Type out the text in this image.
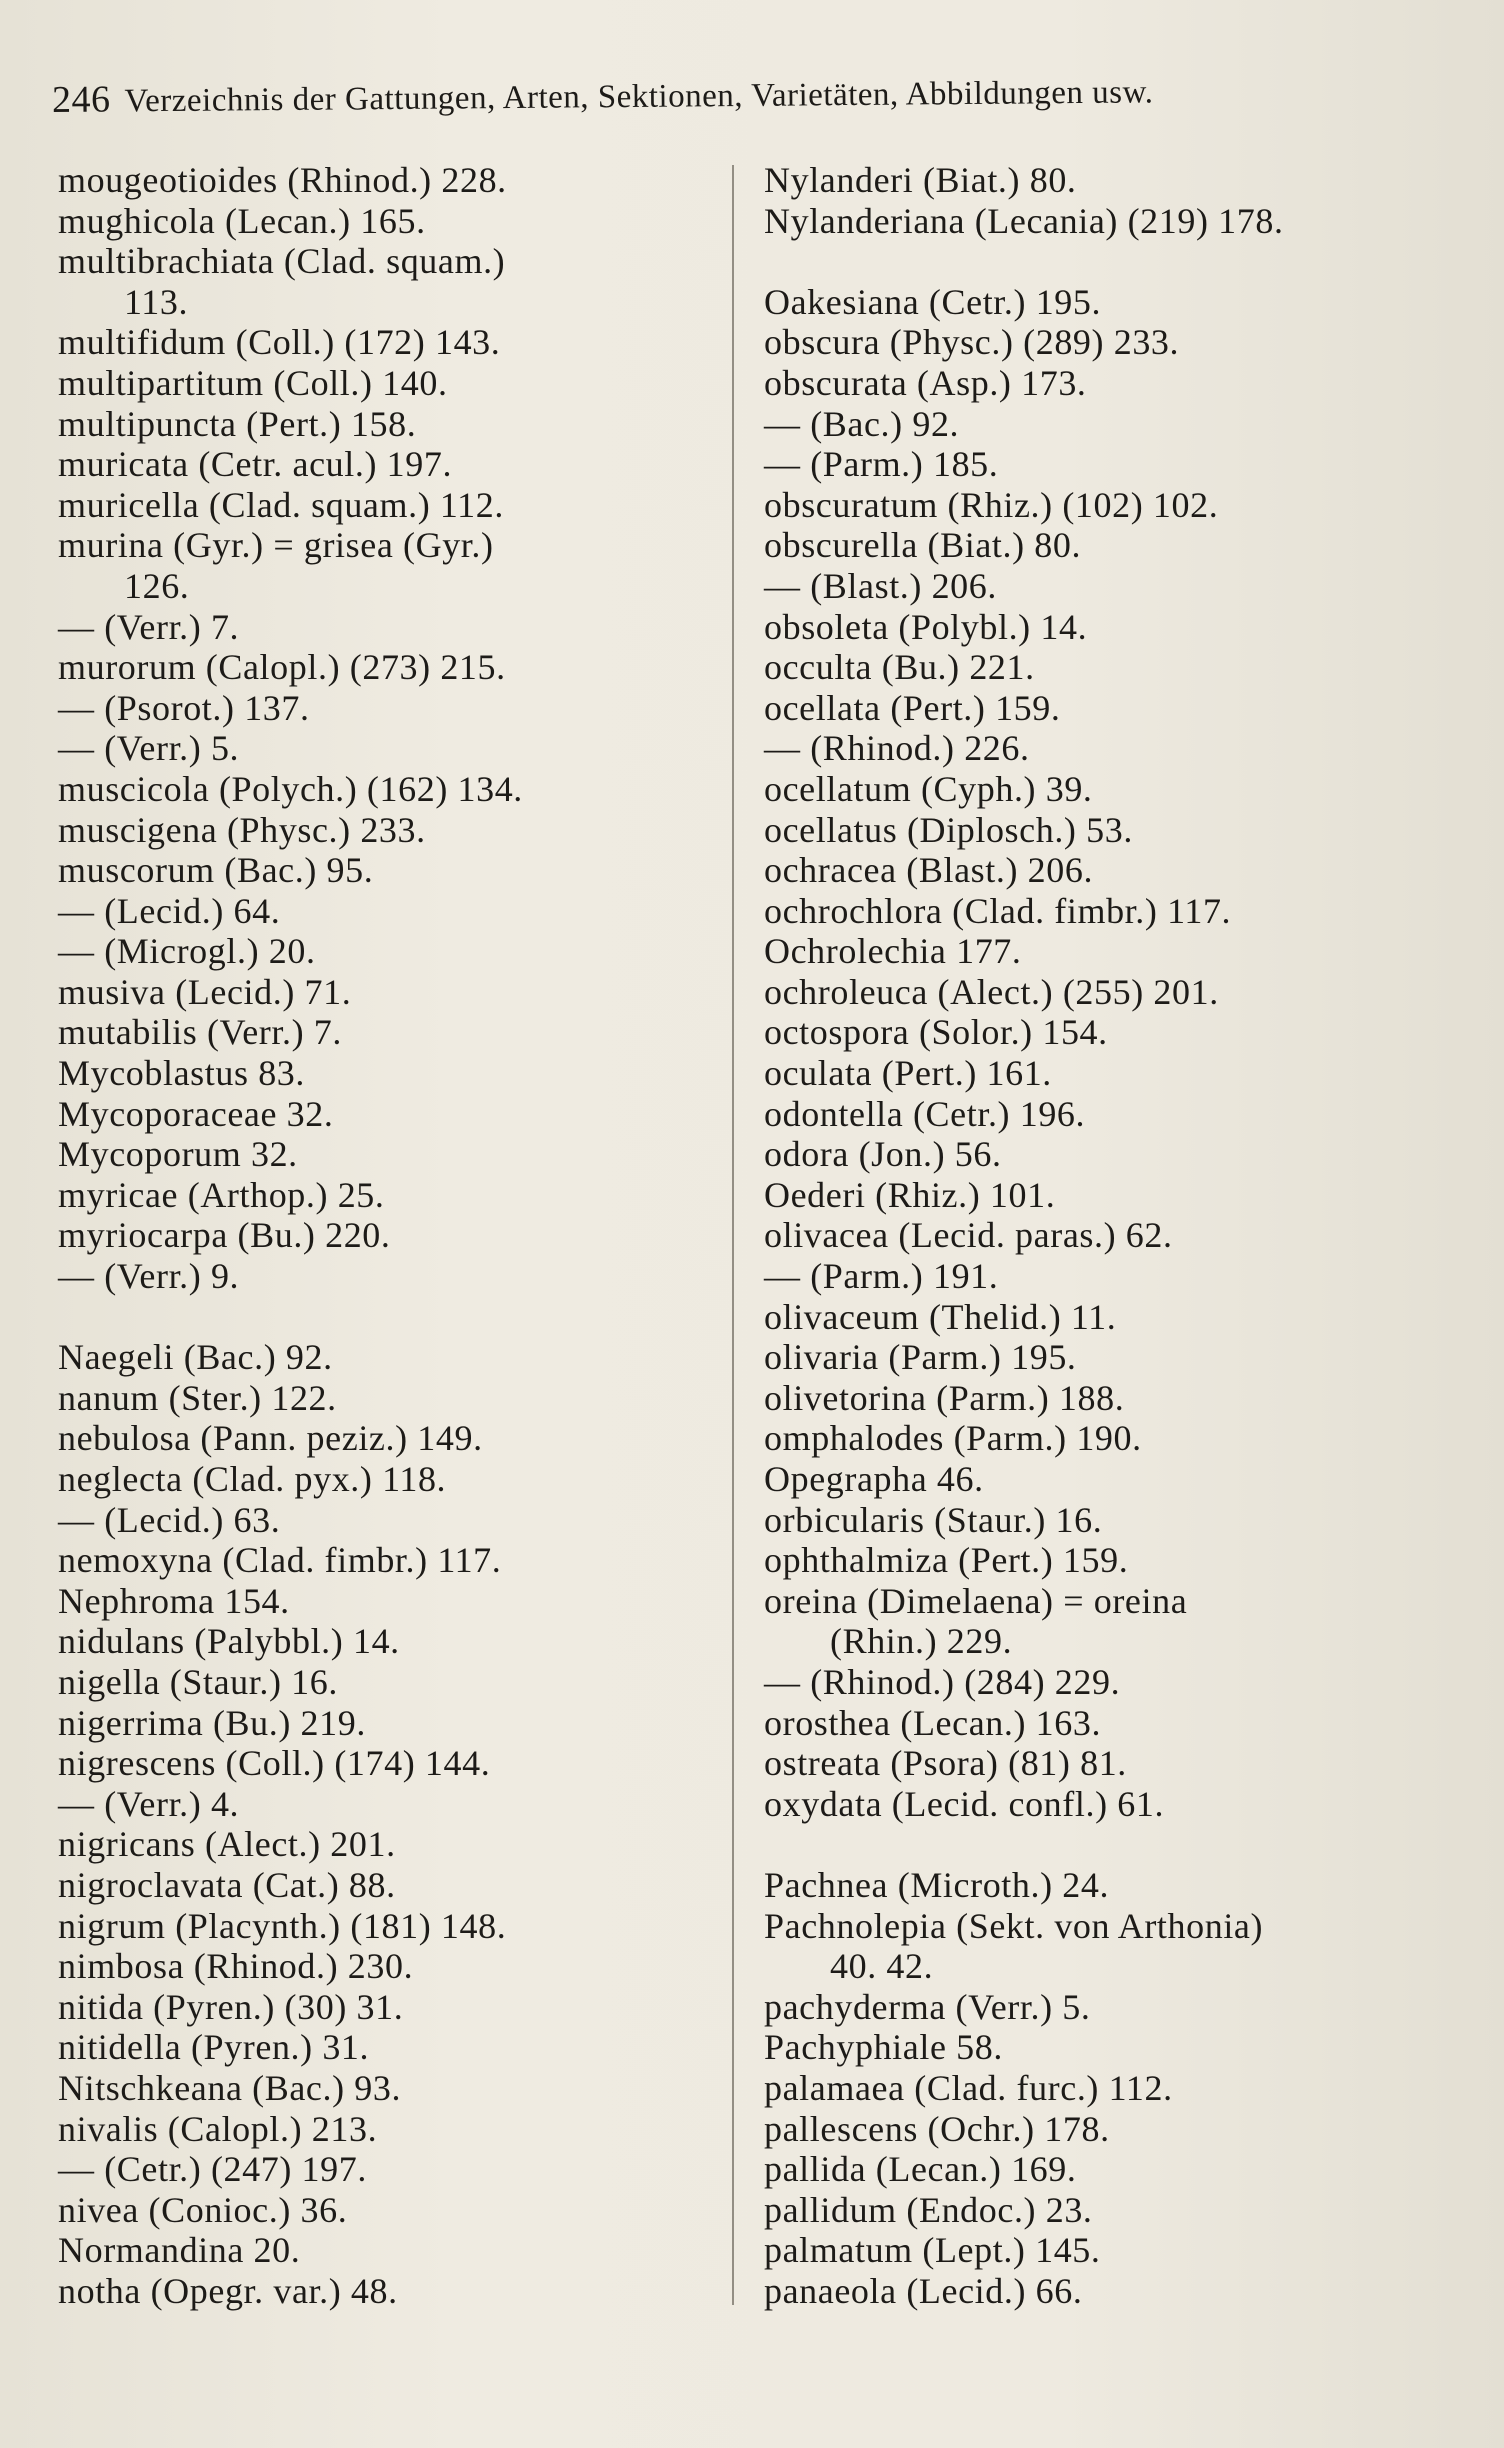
246 Verzeichnis der Gattungen, Arten, Sektionen, Varietäten, Abbildungen usw.
mougeotioides (Rhinod.) 228.
mughicola (Lecan.) 165.
multibrachiata (Clad. squam.)
113.
multifidum (Coll.) (172) 143.
multipartitum (Coll.) 140.
multipuncta (Pert.) 158.
muricata (Cetr. acul.) 197.
muricella (Clad. squam.) 112.
murina (Gyr.) = grisea (Gyr.)
126.
— (Verr.) 7.
murorum (Calopl.) (273) 215.
— (Psorot.) 137.
— (Verr.) 5.
muscicola (Polych.) (162) 134.
muscigena (Physc.) 233.
muscorum (Bac.) 95.
— (Lecid.) 64.
— (Microgl.) 20.
musiva (Lecid.) 71.
mutabilis (Verr.) 7.
Mycoblastus 83.
Mycoporaceae 32.
Mycoporum 32.
myricae (Arthop.) 25.
myriocarpa (Bu.) 220.
— (Verr.) 9.
Naegeli (Bac.) 92.
nanum (Ster.) 122.
nebulosa (Pann. peziz.) 149.
neglecta (Clad. pyx.) 118.
— (Lecid.) 63.
nemoxyna (Clad. fimbr.) 117.
Nephroma 154.
nidulans (Palybbl.) 14.
nigella (Staur.) 16.
nigerrima (Bu.) 219.
nigrescens (Coll.) (174) 144.
— (Verr.) 4.
nigricans (Alect.) 201.
nigroclavata (Cat.) 88.
nigrum (Placynth.) (181) 148.
nimbosa (Rhinod.) 230.
nitida (Pyren.) (30) 31.
nitidella (Pyren.) 31.
Nitschkeana (Bac.) 93.
nivalis (Calopl.) 213.
— (Cetr.) (247) 197.
nivea (Conioc.) 36.
Normandina 20.
notha (Opegr. var.) 48.
Nylanderi (Biat.) 80.
Nylanderiana (Lecania) (219) 178.
Oakesiana (Cetr.) 195.
obscura (Physc.) (289) 233.
obscurata (Asp.) 173.
— (Bac.) 92.
— (Parm.) 185.
obscuratum (Rhiz.) (102) 102.
obscurella (Biat.) 80.
— (Blast.) 206.
obsoleta (Polybl.) 14.
occulta (Bu.) 221.
ocellata (Pert.) 159.
— (Rhinod.) 226.
ocellatum (Cyph.) 39.
ocellatus (Diplosch.) 53.
ochracea (Blast.) 206.
ochrochlora (Clad. fimbr.) 117.
Ochrolechia 177.
ochroleuca (Alect.) (255) 201.
octospora (Solor.) 154.
oculata (Pert.) 161.
odontella (Cetr.) 196.
odora (Jon.) 56.
Oederi (Rhiz.) 101.
olivacea (Lecid. paras.) 62.
— (Parm.) 191.
olivaceum (Thelid.) 11.
olivaria (Parm.) 195.
olivetorina (Parm.) 188.
omphalodes (Parm.) 190.
Opegrapha 46.
orbicularis (Staur.) 16.
ophthalmiza (Pert.) 159.
oreina (Dimelaena) = oreina
(Rhin.) 229.
— (Rhinod.) (284) 229.
orosthea (Lecan.) 163.
ostreata (Psora) (81) 81.
oxydata (Lecid. confl.) 61.
Pachnea (Microth.) 24.
Pachnolepia (Sekt. von Arthonia)
40. 42.
pachyderma (Verr.) 5.
Pachyphiale 58.
palamaea (Clad. furc.) 112.
pallescens (Ochr.) 178.
pallida (Lecan.) 169.
pallidum (Endoc.) 23.
palmatum (Lept.) 145.
panaeola (Lecid.) 66.
